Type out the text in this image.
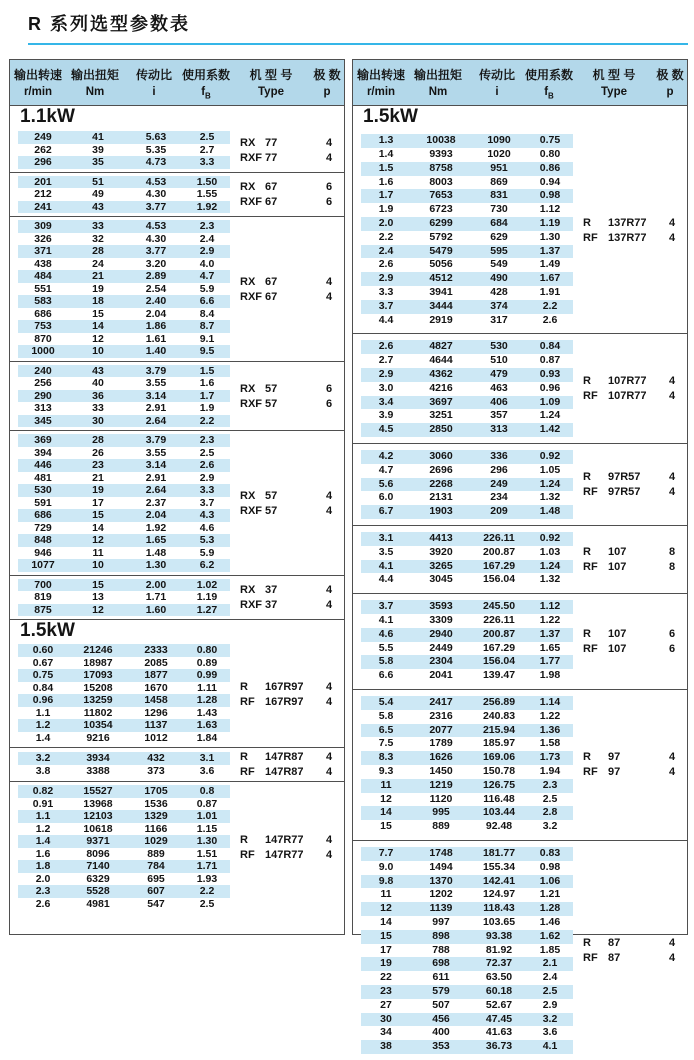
R 系列选型参数表
输出转速
r/min
输出扭矩
Nm
传动比
i
使用系数
$f_B$
机 型 号
Type
极 数
p
1.1kW
249	41	5.63	2.5
262	39	5.35	2.7
296	35	4.73	3.3
RX 77	4
RXF 77	4
201	51	4.53	1.50
212	49	4.30	1.55
241	43	3.77	1.92
RX 67	6
RXF 67	6
309	33	4.53	2.3
326	32	4.30	2.4
371	28	3.77	2.9
438	24	3.20	4.0
484	21	2.89	4.7
551	19	2.54	5.9
583	18	2.40	6.6
686	15	2.04	8.4
753	14	1.86	8.7
870	12	1.61	9.1
1000	10	1.40	9.5
RX 67	4
RXF 67	4
240	43	3.79	1.5
256	40	3.55	1.6
290	36	3.14	1.7
313	33	2.91	1.9
345	30	2.64	2.2
RX 57	6
RXF 57	6
369	28	3.79	2.3
394	26	3.55	2.5
446	23	3.14	2.6
481	21	2.91	2.9
530	19	2.64	3.3
591	17	2.37	3.7
686	15	2.04	4.3
729	14	1.92	4.6
848	12	1.65	5.3
946	11	1.48	5.9
1077	10	1.30	6.2
RX 57	4
RXF 57	4
700	15	2.00	1.02
819	13	1.71	1.19
875	12	1.60	1.27
RX 37	4
RXF 37	4
1.5kW
0.60	21246	2333	0.80
0.67	18987	2085	0.89
0.75	17093	1877	0.99
0.84	15208	1670	1.11
0.96	13259	1458	1.28
1.1	11802	1296	1.43
1.2	10354	1137	1.63
1.4	9216	1012	1.84
R	167R97	4
RF 167R97	4
3.2	3934	432	3.1
3.8	3388	373	3.6
R	147R87	4
RF 147R87	4
0.82	15527	1705	0.8
0.91	13968	1536	0.87
1.1	12103	1329	1.01
1.2	10618	1166	1.15
1.4	9371	1029	1.30
1.6	8096	889	1.51
1.8	7140	784	1.71
2.0	6329	695	1.93
2.3	5528	607	2.2
2.6	4981	547	2.5
R	147R77	4
RF 147R77	4
输出转速
r/min
输出扭矩
Nm
传动比
i
使用系数
$f_B$
机 型 号
Type
极 数
p
1.5kW
1.3	10038	1090	0.75
1.4	9393	1020	0.80
1.5	8758	951	0.86
1.6	8003	869	0.94
1.7	7653	831	0.98
1.9	6723	730	1.12
2.0	6299	684	1.19
2.2	5792	629	1.30
2.4	5479	595	1.37
2.6	5056	549	1.49
2.9	4512	490	1.67
3.3	3941	428	1.91
3.7	3444	374	2.2
4.4	2919	317	2.6
R	137R77	4
RF 137R77	4
2.6	4827	530	0.84
2.7	4644	510	0.87
2.9	4362	479	0.93
3.0	4216	463	0.96
3.4	3697	406	1.09
3.9	3251	357	1.24
4.5	2850	313	1.42
R	107R77	4
RF 107R77	4
4.2	3060	336	0.92
4.7	2696	296	1.05
5.6	2268	249	1.24
6.0	2131	234	1.32
6.7	1903	209	1.48
R	97R57	4
RF 97R57	4
3.1	4413	226.11	0.92
3.5	3920	200.87	1.03
4.1	3265	167.29	1.24
4.4	3045	156.04	1.32
R	107	8
RF 107	8
3.7	3593	245.50	1.12
4.1	3309	226.11	1.22
4.6	2940	200.87	1.37
5.5	2449	167.29	1.65
5.8	2304	156.04	1.77
6.6	2041	139.47	1.98
R	107	6
RF 107	6
5.4	2417	256.89	1.14
5.8	2316	240.83	1.22
6.5	2077	215.94	1.36
7.5	1789	185.97	1.58
8.3	1626	169.06	1.73
9.3	1450	150.78	1.94
11	1219	126.75	2.3
12	1120	116.48	2.5
14	995	103.44	2.8
15	889	92.48	3.2
R	97	4
RF 97	4
7.7	1748	181.77	0.83
9.0	1494	155.34	0.98
9.8	1370	142.41	1.06
11	1202	124.97	1.21
12	1139	118.43	1.28
14	997	103.65	1.46
15	898	93.38	1.62
17	788	81.92	1.85
19	698	72.37	2.1
22	611	63.50	2.4
23	579	60.18	2.5
27	507	52.67	2.9
30	456	47.45	3.2
34	400	41.63	3.6
38	353	36.73	4.1
R	87	4
RF 87	4
